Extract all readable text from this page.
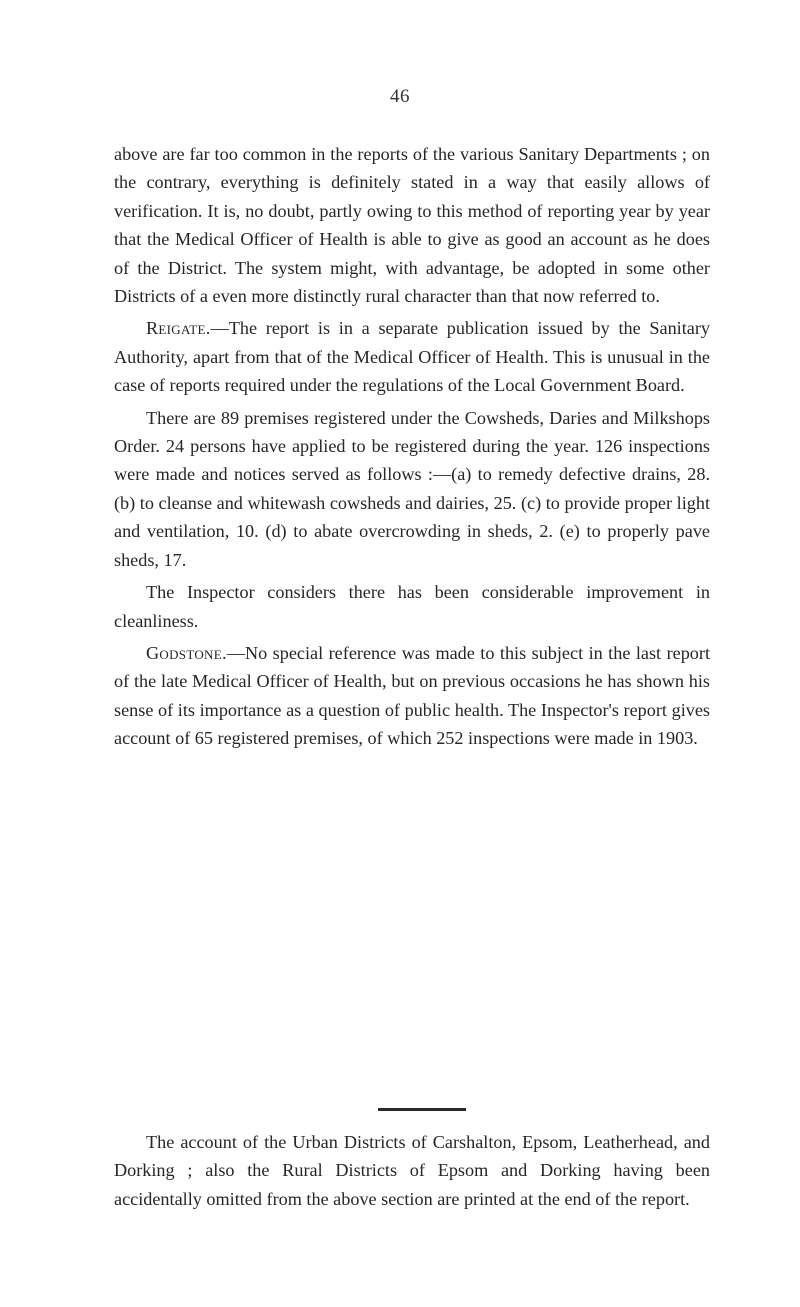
46

above are far too common in the reports of the various Sanitary Departments ; on the contrary, everything is definitely stated in a way that easily allows of verification. It is, no doubt, partly owing to this method of reporting year by year that the Medical Officer of Health is able to give as good an account as he does of the District. The system might, with advantage, be adopted in some other Districts of a even more distinctly rural character than that now referred to.

Reigate.—The report is in a separate publication issued by the Sanitary Authority, apart from that of the Medical Officer of Health. This is unusual in the case of reports required under the regulations of the Local Government Board.

There are 89 premises registered under the Cowsheds, Daries and Milkshops Order. 24 persons have applied to be registered during the year. 126 inspections were made and notices served as follows :—(a) to remedy defective drains, 28. (b) to cleanse and whitewash cowsheds and dairies, 25. (c) to provide proper light and ventilation, 10. (d) to abate overcrowding in sheds, 2. (e) to properly pave sheds, 17.

The Inspector considers there has been considerable improvement in cleanliness.

Godstone.—No special reference was made to this subject in the last report of the late Medical Officer of Health, but on previous occasions he has shown his sense of its importance as a question of public health. The Inspector's report gives account of 65 registered premises, of which 252 inspections were made in 1903.

The account of the Urban Districts of Carshalton, Epsom, Leatherhead, and Dorking ; also the Rural Districts of Epsom and Dorking having been accidentally omitted from the above section are printed at the end of the report.
